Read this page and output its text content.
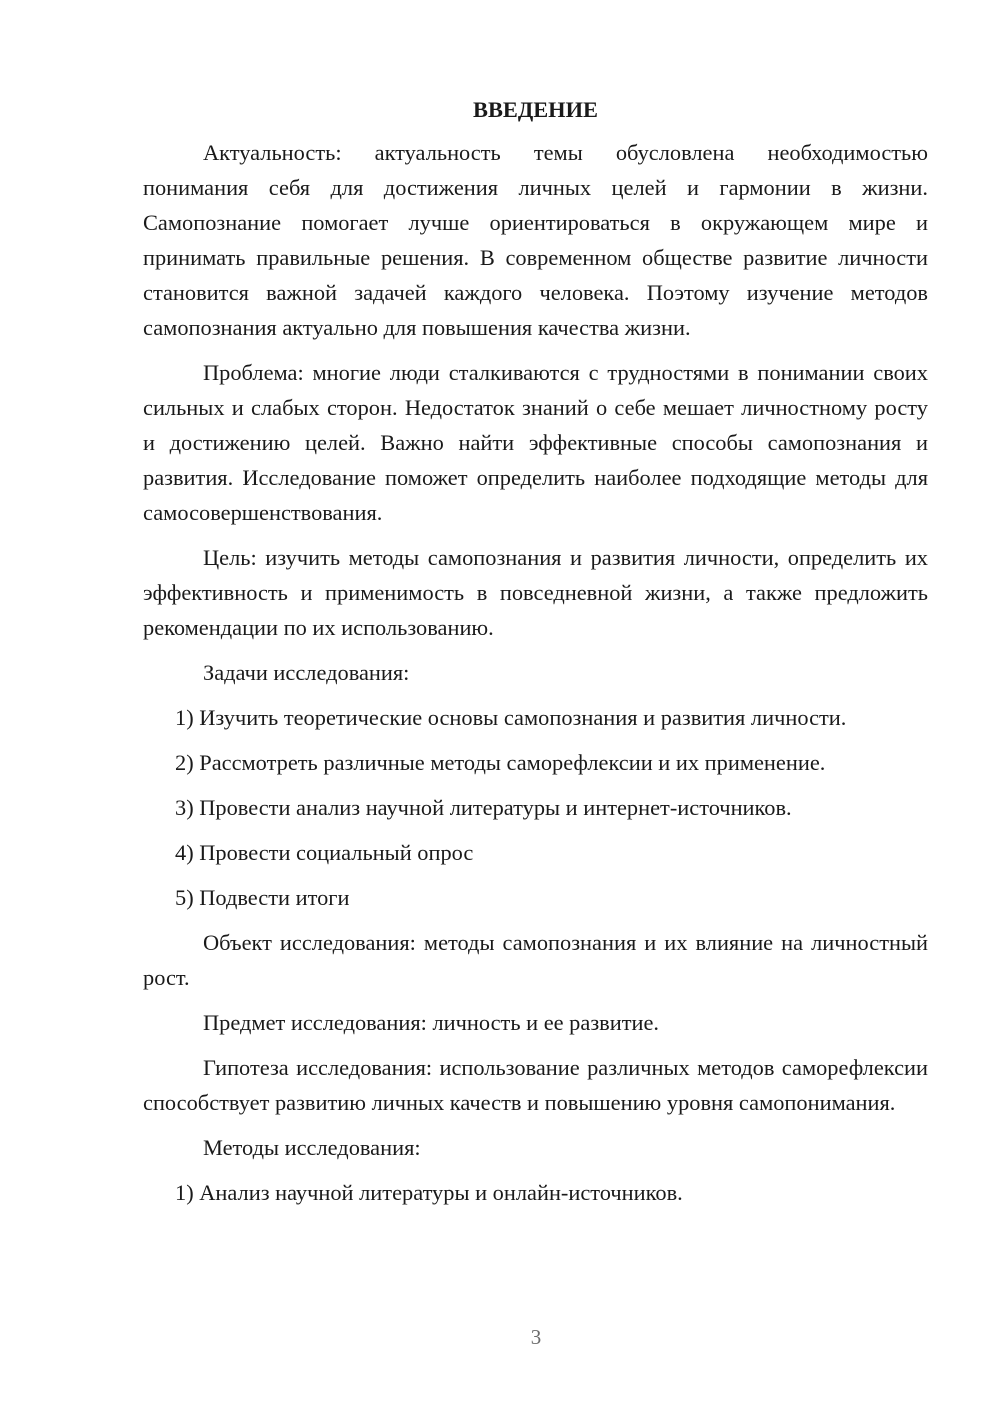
ВВЕДЕНИЕ

Актуальность: актуальность темы обусловлена необходимостью понимания себя для достижения личных целей и гармонии в жизни. Самопознание помогает лучше ориентироваться в окружающем мире и принимать правильные решения. В современном обществе развитие личности становится важной задачей каждого человека. Поэтому изучение методов самопознания актуально для повышения качества жизни.

Проблема: многие люди сталкиваются с трудностями в понимании своих сильных и слабых сторон. Недостаток знаний о себе мешает личностному росту и достижению целей. Важно найти эффективные способы самопознания и развития. Исследование поможет определить наиболее подходящие методы для самосовершенствования.

Цель: изучить методы самопознания и развития личности, определить их эффективность и применимость в повседневной жизни, а также предложить рекомендации по их использованию.

Задачи исследования:

1) Изучить теоретические основы самопознания и развития личности.

2) Рассмотреть различные методы саморефлексии и их применение.

3) Провести анализ научной литературы и интернет-источников.

4) Провести социальный опрос

5) Подвести итоги

Объект исследования: методы самопознания и их влияние на личностный рост.

Предмет исследования: личность и ее развитие.

Гипотеза исследования: использование различных методов саморефлексии способствует развитию личных качеств и повышению уровня самопонимания.

Методы исследования:

1) Анализ научной литературы и онлайн-источников.

3
